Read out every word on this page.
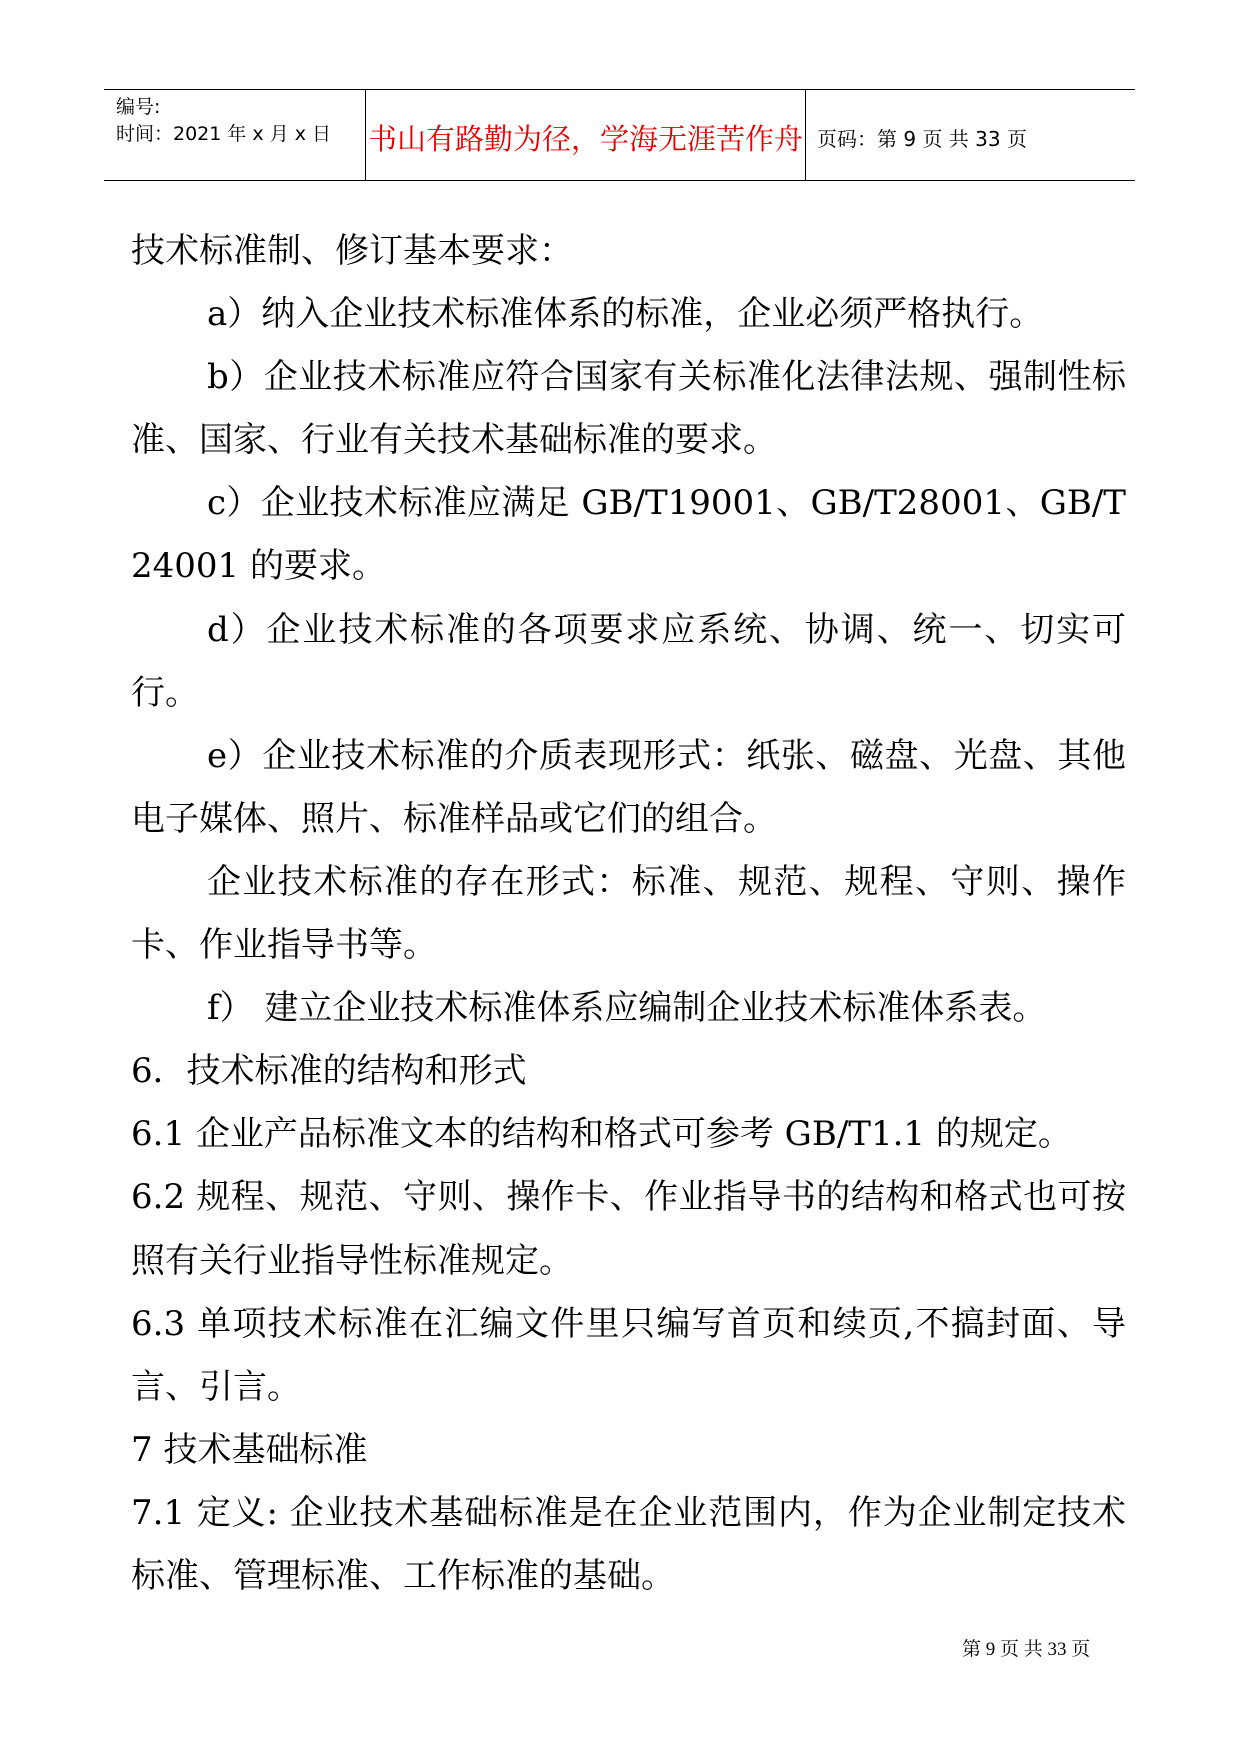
编号:
时间：2021 年 x 月 x 日	书山有路勤为径，学海无涯苦作舟 页码：第 9 页 共 33 页

技术标准制、修订基本要求：

a）纳入企业技术标准体系的标准，企业必须严格执行。

b）企业技术标准应符合国家有关标准化法律法规、强制性标准、国家、行业有关技术基础标准的要求。

c）企业技术标准应满足 GB/T19001、GB/T28001、GB/T24001 的要求。

d）企业技术标准的各项要求应系统、协调、统一、切实可行。

e）企业技术标准的介质表现形式：纸张、磁盘、光盘、其他电子媒体、照片、标准样品或它们的组合。

企业技术标准的存在形式：标准、规范、规程、守则、操作卡、作业指导书等。

f） 建立企业技术标准体系应编制企业技术标准体系表。

6．技术标准的结构和形式

6.1 企业产品标准文本的结构和格式可参考 GB/T1.1 的规定。

6.2 规程、规范、守则、操作卡、作业指导书的结构和格式也可按照有关行业指导性标准规定。

6.3 单项技术标准在汇编文件里只编写首页和续页,不搞封面、导言、引言。

7 技术基础标准

7.1 定义: 企业技术基础标准是在企业范围内，作为企业制定技术标准、管理标准、工作标准的基础。

第 9 页 共 33 页
